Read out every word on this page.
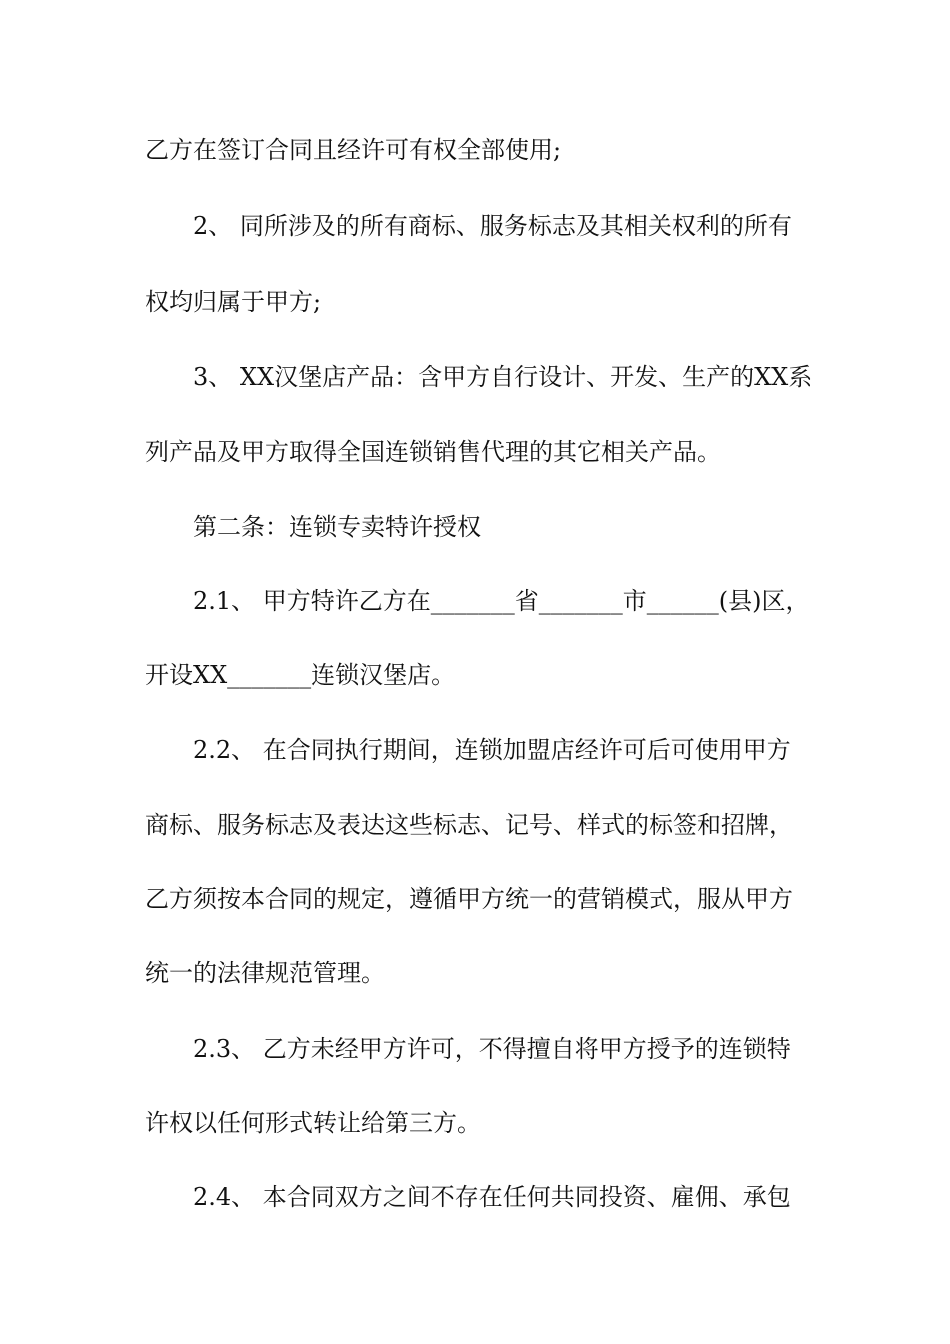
乙方在签订合同且经许可有权全部使用;
2、 同所涉及的所有商标、服务标志及其相关权利的所有
权均归属于甲方;
3、 XX汉堡店产品：含甲方自行设计、开发、生产的XX系
列产品及甲方取得全国连锁销售代理的其它相关产品。
第二条：连锁专卖特许授权
2.1、 甲方特许乙方在_______省_______市______(县)区，
开设XX_______连锁汉堡店。
2.2、 在合同执行期间，连锁加盟店经许可后可使用甲方
商标、服务标志及表达这些标志、记号、样式的标签和招牌，
乙方须按本合同的规定，遵循甲方统一的营销模式，服从甲方
统一的法律规范管理。
2.3、 乙方未经甲方许可，不得擅自将甲方授予的连锁特
许权以任何形式转让给第三方。
2.4、 本合同双方之间不存在任何共同投资、雇佣、承包
